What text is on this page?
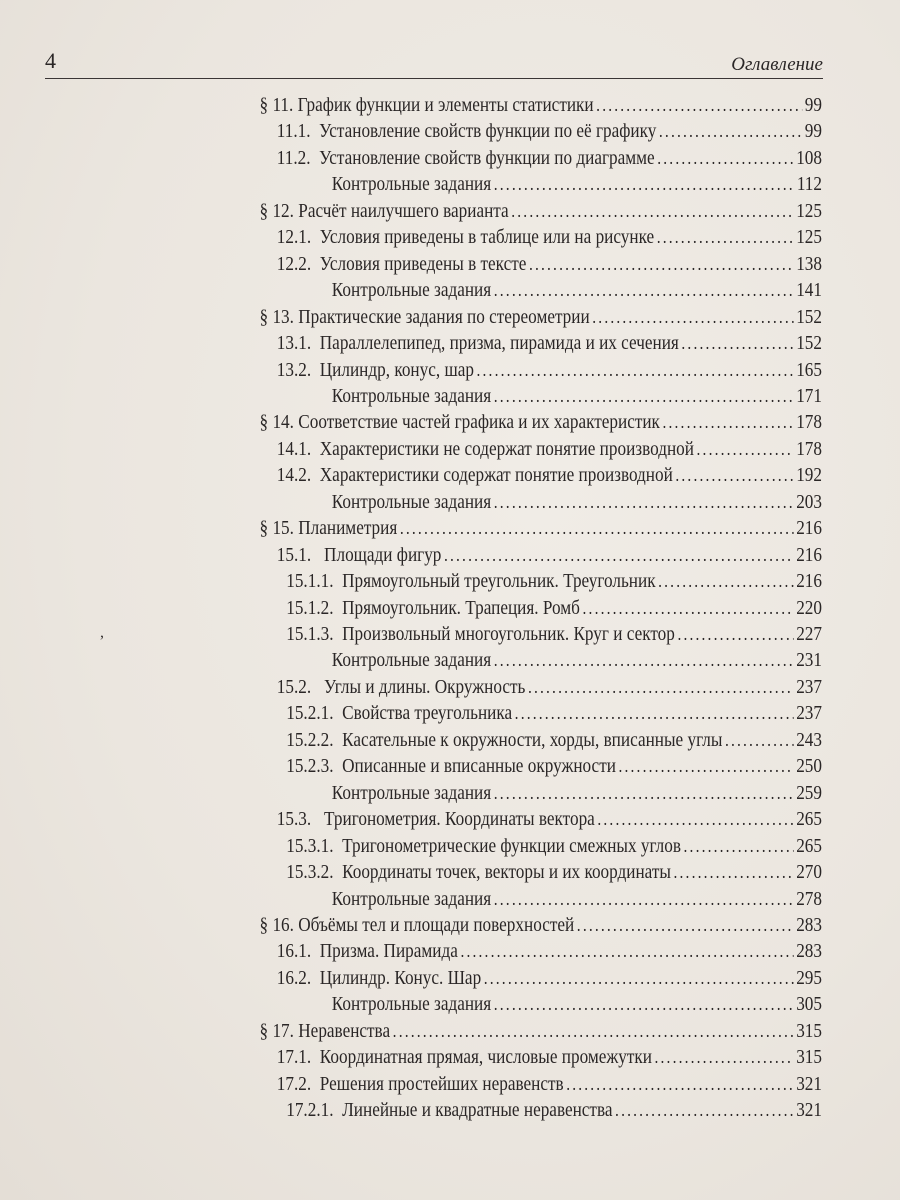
4	Оглавление
,
§ 11. График функции и элементы статистики . . .	99
11.1. Установление свойств функции по её графику . . .	99
11.2. Установление свойств функции по диаграмме . . .	108
Контрольные задания . . .	112
§ 12. Расчёт наилучшего варианта . . .	125
12.1. Условия приведены в таблице или на рисунке . . .	125
12.2. Условия приведены в тексте . . .	138
Контрольные задания . . .	141
§ 13. Практические задания по стереометрии . . .	152
13.1. Параллелепипед, призма, пирамида и их сечения . . .	152
13.2. Цилиндр, конус, шар . . .	165
Контрольные задания . . .	171
§ 14. Соответствие частей графика и их характеристик . . .	178
14.1. Характеристики не содержат понятие производной . . .	178
14.2. Характеристики содержат понятие производной . . .	192
Контрольные задания . . .	203
§ 15. Планиметрия . . .	216
15.1.   Площади фигур . . .	216
15.1.1. Прямоугольный треугольник. Треугольник . . .	216
15.1.2. Прямоугольник. Трапеция. Ромб . . .	220
15.1.3. Произвольный многоугольник. Круг и сектор . . .	227
Контрольные задания . . .	231
15.2.   Углы и длины. Окружность . . .	237
15.2.1. Свойства треугольника . . .	237
15.2.2. Касательные к окружности, хорды, вписанные углы . . .	243
15.2.3. Описанные и вписанные окружности . . .	250
Контрольные задания . . .	259
15.3.   Тригонометрия. Координаты вектора . . .	265
15.3.1. Тригонометрические функции смежных углов . . .	265
15.3.2. Координаты точек, векторы и их координаты . . .	270
Контрольные задания . . .	278
§ 16. Объёмы тел и площади поверхностей . . .	283
16.1. Призма. Пирамида . . .	283
16.2. Цилиндр. Конус. Шар . . .	295
Контрольные задания . . .	305
§ 17. Неравенства . . .	315
17.1. Координатная прямая, числовые промежутки . . .	315
17.2. Решения простейших неравенств . . .	321
17.2.1. Линейные и квадратные неравенства . . .	321
